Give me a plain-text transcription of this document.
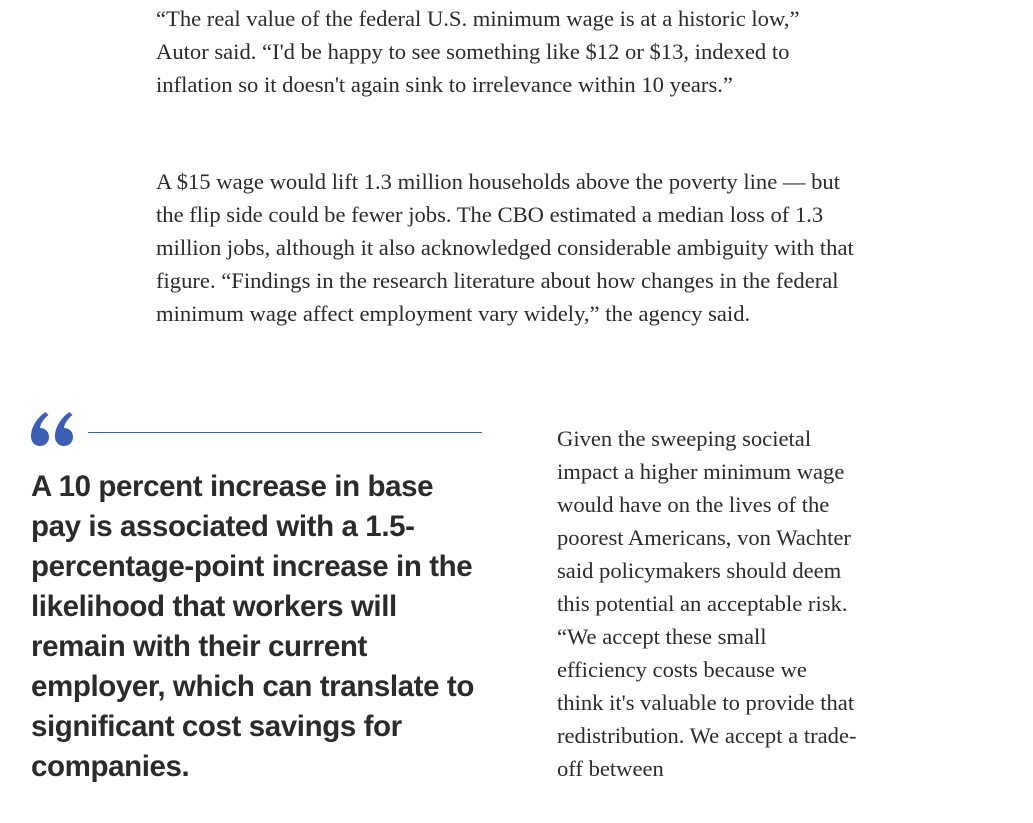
“The real value of the federal U.S. minimum wage is at a historic low,” Autor said. “I'd be happy to see something like $12 or $13, indexed to inflation so it doesn't again sink to irrelevance within 10 years.”

A $15 wage would lift 1.3 million households above the poverty line — but the flip side could be fewer jobs. The CBO estimated a median loss of 1.3 million jobs, although it also acknowledged considerable ambiguity with that figure. “Findings in the research literature about how changes in the federal minimum wage affect employment vary widely,” the agency said.

A 10 percent increase in base pay is associated with a 1.5-percentage-point increase in the likelihood that workers will remain with their current employer, which can translate to significant cost savings for companies.

Given the sweeping societal impact a higher minimum wage would have on the lives of the poorest Americans, von Wachter said policymakers should deem this potential an acceptable risk. “We accept these small efficiency costs because we think it's valuable to provide that redistribution. We accept a trade-off between
